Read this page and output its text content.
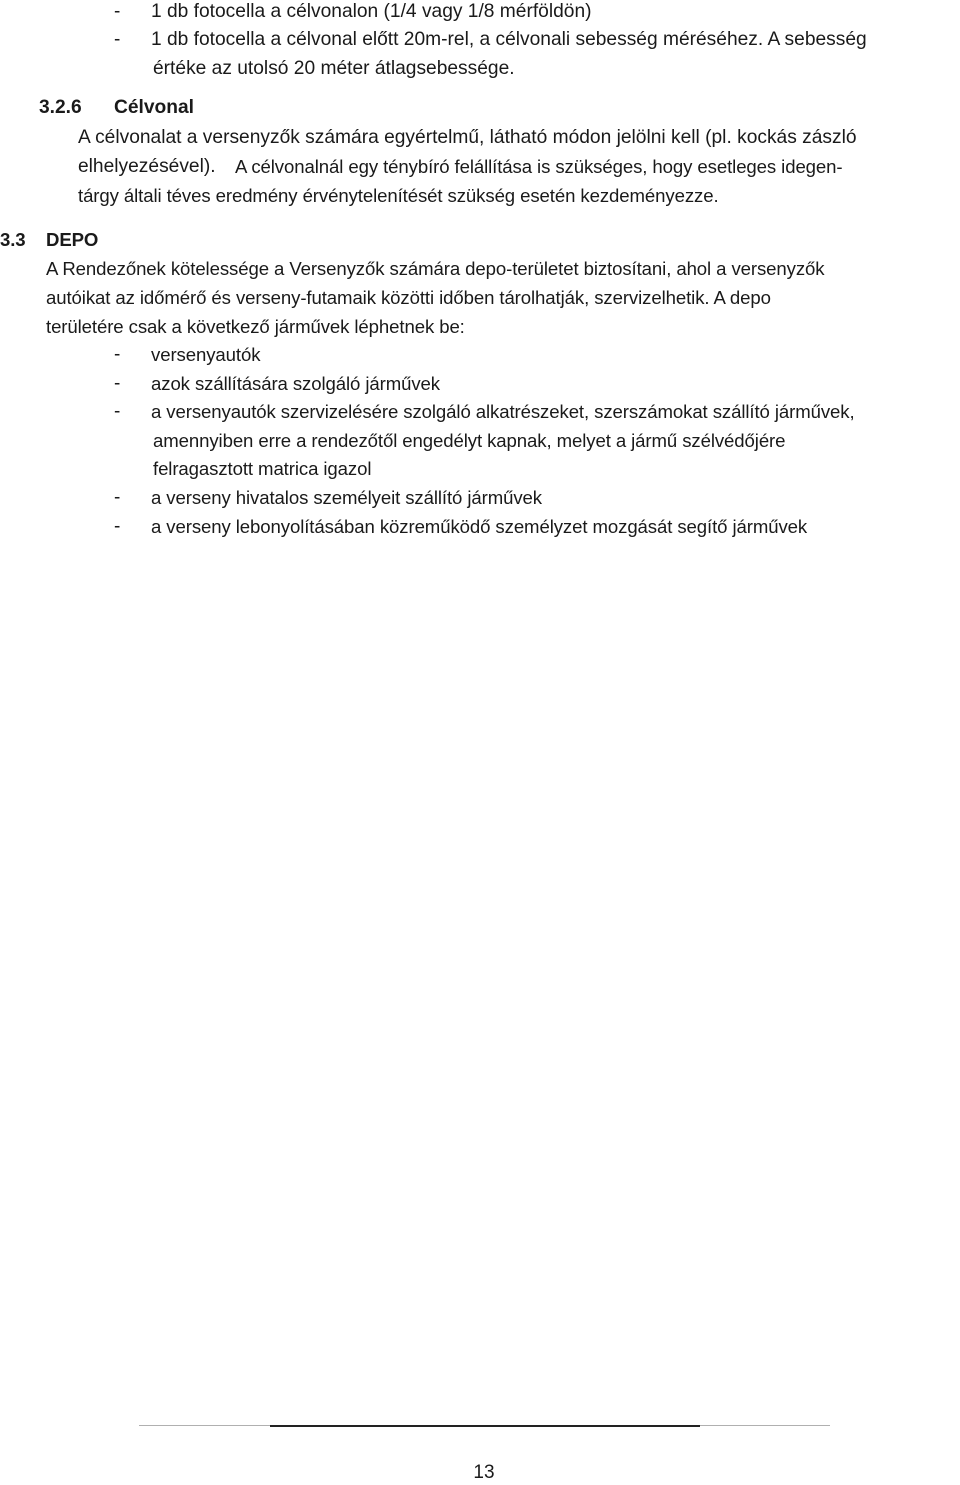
- 1 db fotocella a célvonalon (1/4 vagy 1/8 mérföldön)
- 1 db fotocella a célvonal előtt 20m-rel, a célvonali sebesség méréséhez. A sebesség
értéke az utolsó 20 méter átlagsebessége.
3.2.6 Célvonal
A célvonalat a versenyzők számára egyértelmű, látható módon jelölni kell (pl. kockás zászló
elhelyezésével). A célvonalnál egy ténybíró felállítása is szükséges, hogy esetleges idegen-
tárgy általi téves eredmény érvénytelenítését szükség esetén kezdeményezze.
3.3 DEPO
A Rendezőnek kötelessége a Versenyzők számára depo-területet biztosítani, ahol a versenyzők
autóikat az időmérő és verseny-futamaik közötti időben tárolhatják, szervizelhetik. A depo
területére csak a következő járművek léphetnek be:
- versenyautók
- azok szállítására szolgáló járművek
- a versenyautók szervizelésére szolgáló alkatrészeket, szerszámokat szállító járművek,
amennyiben erre a rendezőtől engedélyt kapnak, melyet a jármű szélvédőjére
felragasztott matrica igazol
- a verseny hivatalos személyeit szállító járművek
- a verseny lebonyolításában közreműködő személyzet mozgását segítő járművek
13
